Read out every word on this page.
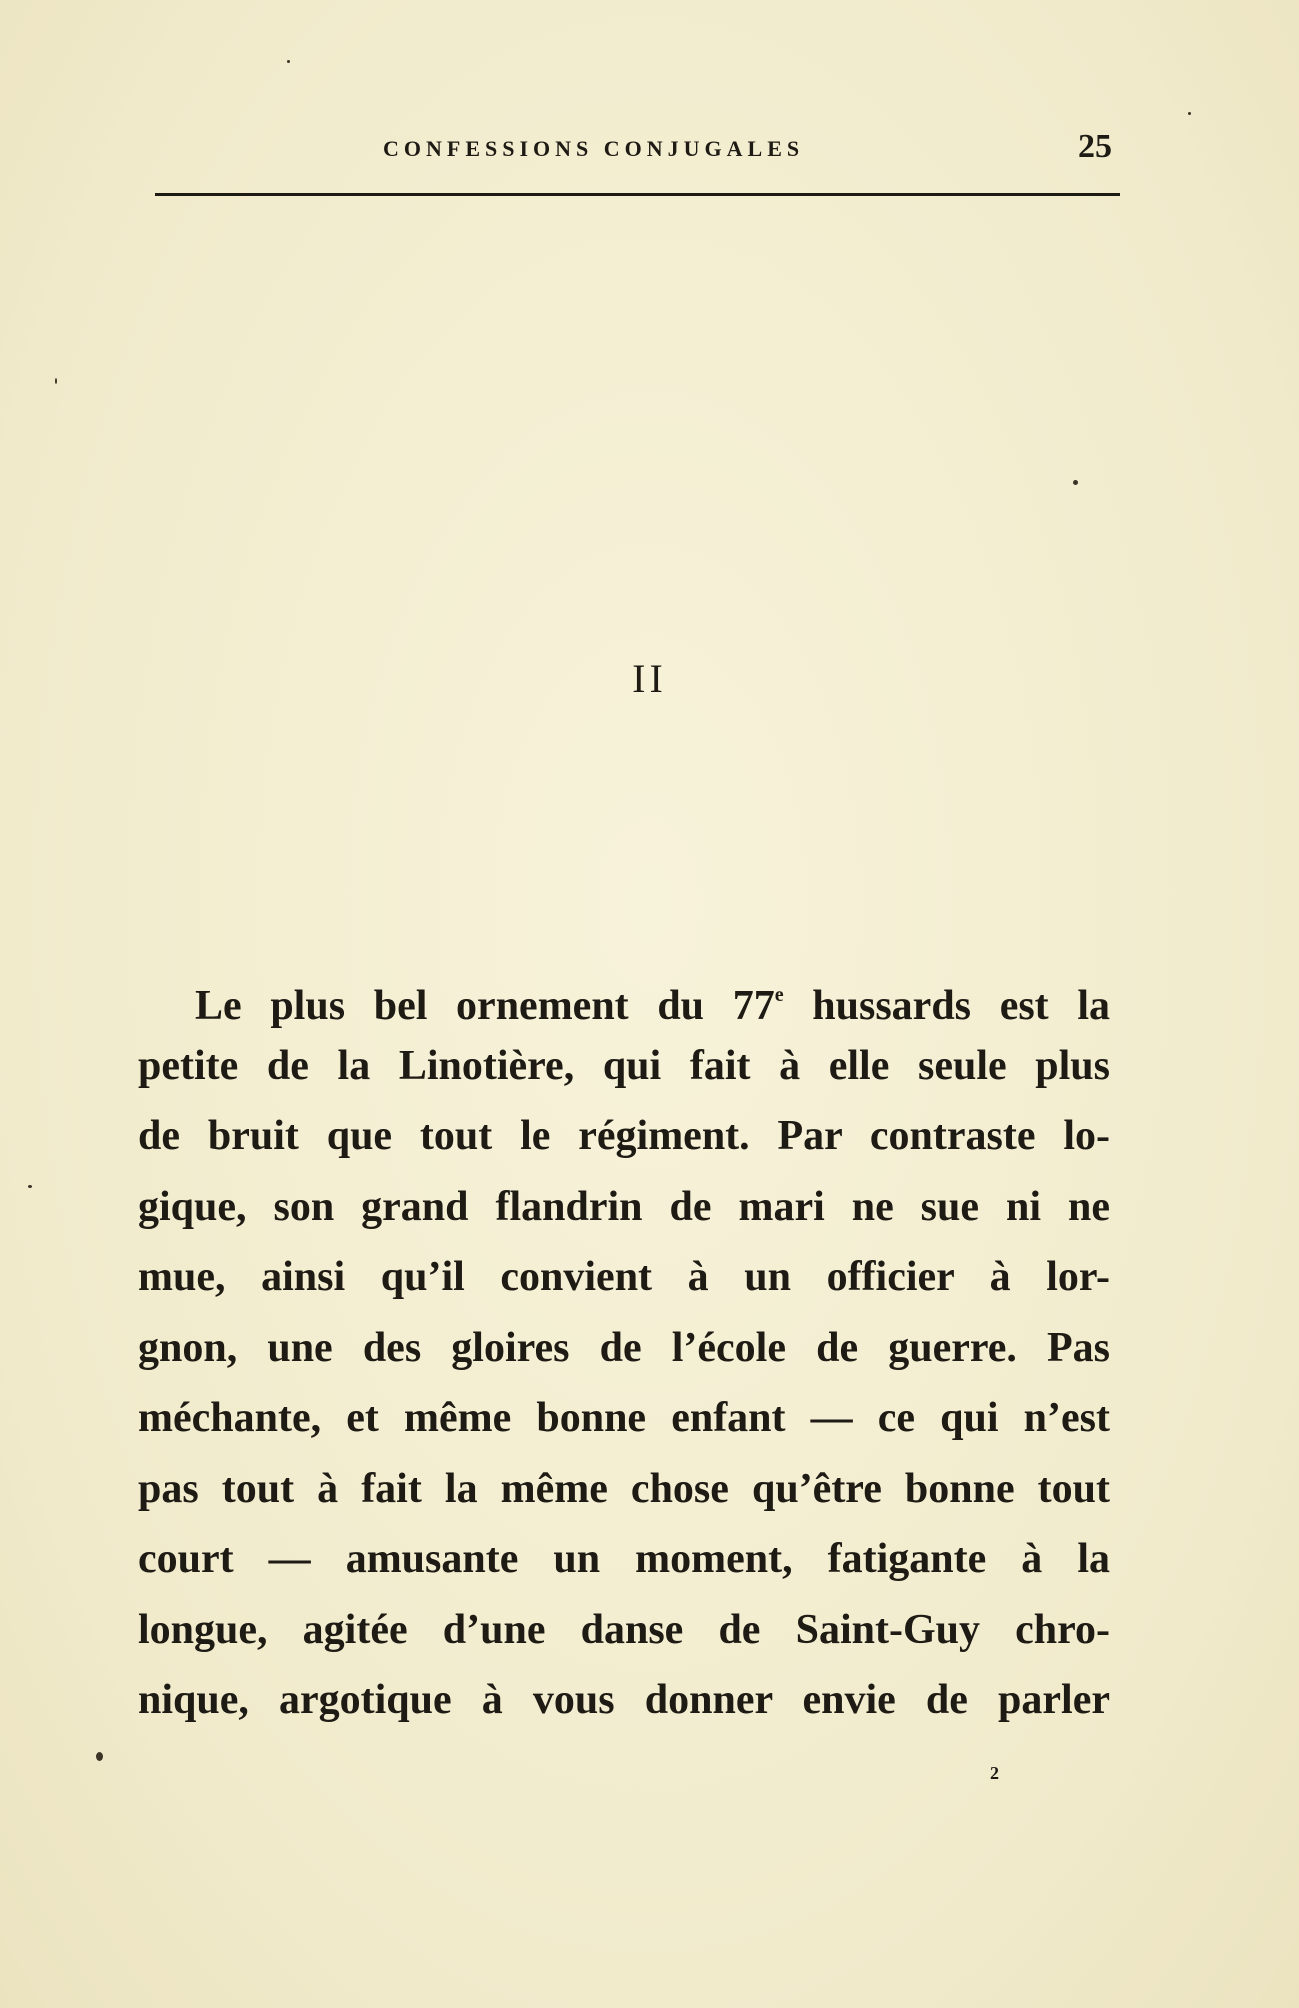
CONFESSIONS CONJUGALES	25
II
Le plus bel ornement du 77e hussards est la
petite de la Linotière, qui fait à elle seule plus
de bruit que tout le régiment. Par contraste lo-
gique, son grand flandrin de mari ne sue ni ne
mue, ainsi qu’il convient à un officier à lor-
gnon, une des gloires de l’école de guerre. Pas
méchante, et même bonne enfant — ce qui n’est
pas tout à fait la même chose qu’être bonne tout
court — amusante un moment, fatigante à la
longue, agitée d’une danse de Saint-Guy chro-
nique, argotique à vous donner envie de parler
2
